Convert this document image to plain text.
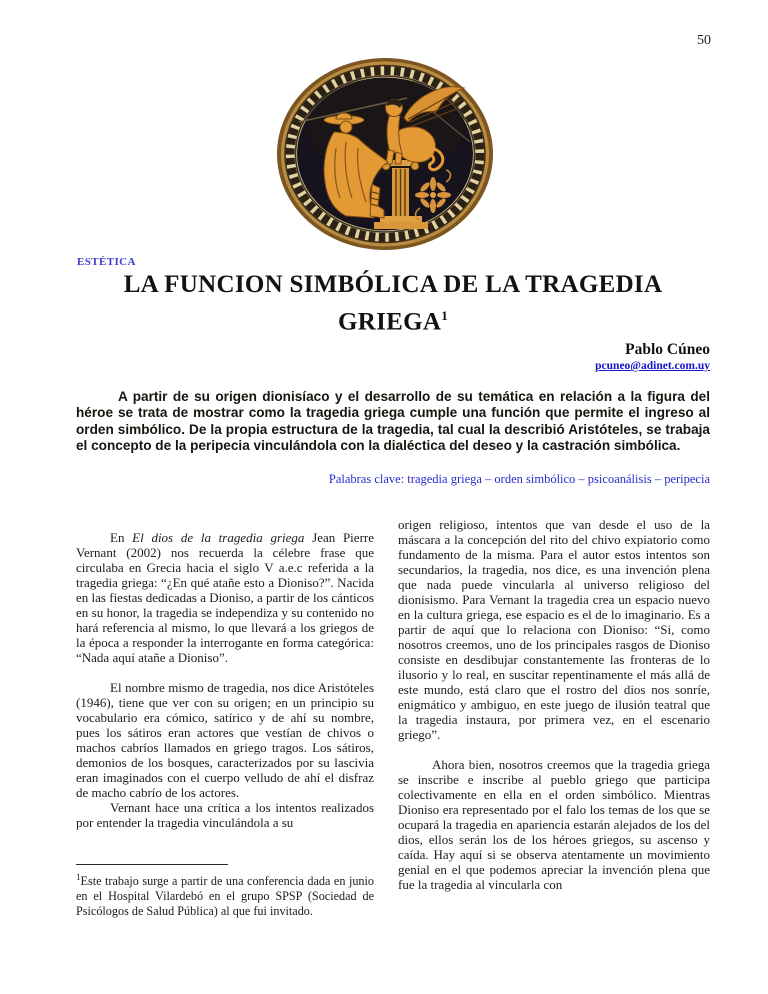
50
ESTÉTICA
LA FUNCION SIMBÓLICA DE LA TRAGEDIA
GRIEGA$^1$
Pablo Cúneo
pcuneo@adinet.com.uy

A partir de su origen dionisíaco y el desarrollo de su temática en relación a la figura del héroe se trata de mostrar como la tragedia griega cumple una función que permite el ingreso al orden simbólico. De la propia estructura de la tragedia, tal cual la describió Aristóteles, se trabaja el concepto de la peripecia vinculándola con la dialéctica del deseo y la castración simbólica.

Palabras clave: tragedia griega – orden simbólico – psicoanálisis – peripecia

En El dios de la tragedia griega Jean Pierre Vernant (2002) nos recuerda la célebre frase que circulaba en Grecia hacia el siglo V a.e.c referida a la tragedia griega: “¿En qué atañe esto a Dioniso?”. Nacida en las fiestas dedicadas a Dioniso, a partir de los cánticos en su honor, la tragedia se independiza y su contenido no hará referencia al mismo, lo que llevará a los griegos de la época a responder la interrogante en forma categórica: “Nada aquí atañe a Dioniso”.

El nombre mismo de tragedia, nos dice Aristóteles (1946), tiene que ver con su origen; en un principio su vocabulario era cómico, satírico y de ahí su nombre, pues los sátiros eran actores que vestían de chivos o machos cabríos llamados en griego tragos. Los sátiros, demonios de los bosques, caracterizados por su lascivia eran imaginados con el cuerpo velludo de ahí el disfraz de macho cabrío de los actores.

Vernant hace una crítica a los intentos realizados por entender la tragedia vinculándola a su

origen religioso, intentos que van desde el uso de la máscara a la concepción del rito del chivo expiatorio como fundamento de la misma. Para el autor estos intentos son secundarios, la tragedia, nos dice, es una invención plena que nada puede vincularla al universo religioso del dionisismo. Para Vernant la tragedia crea un espacio nuevo en la cultura griega, ese espacio es el de lo imaginario. Es a partir de aquí que lo relaciona con Dioniso: “Si, como nosotros creemos, uno de los principales rasgos de Dioniso consiste en desdibujar constantemente las fronteras de lo ilusorio y lo real, en suscitar repentinamente el más allá de este mundo, está claro que el rostro del dios nos sonríe, enigmático y ambiguo, en este juego de ilusión teatral que la tragedia instaura, por primera vez, en el escenario griego”.

Ahora bien, nosotros creemos que la tragedia griega se inscribe e inscribe al pueblo griego que participa colectivamente en ella en el orden simbólico. Mientras Dioniso era representado por el falo los temas de los que se ocupará la tragedia en apariencia estarán alejados de los del dios, ellos serán los de los héroes griegos, su ascenso y caída. Hay aquí si se observa atentamente un movimiento genial en el que podemos apreciar la invención plena que fue la tragedia al vincularla con

$^1$Este trabajo surge a partir de una conferencia dada en junio en el Hospital Vilardebó en el grupo SPSP (Sociedad de Psicólogos de Salud Pública) al que fui invitado.
